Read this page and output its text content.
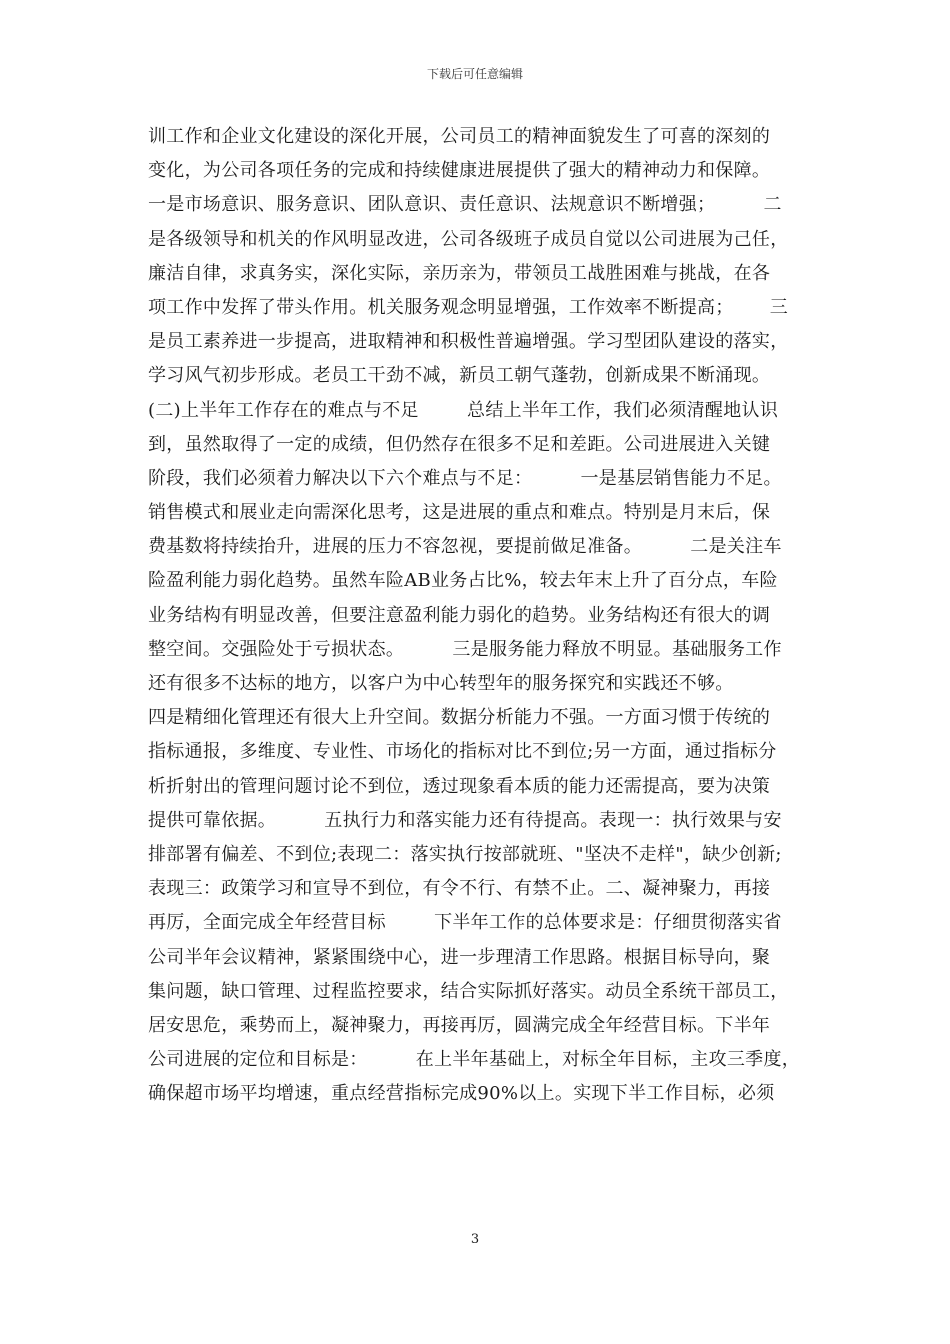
下载后可任意编辑
训工作和企业文化建设的深化开展，公司员工的精神面貌发生了可喜的深刻的
变化，为公司各项任务的完成和持续健康进展提供了强大的精神动力和保障。
一是市场意识、服务意识、团队意识、责任意识、法规意识不断增强；        二
是各级领导和机关的作风明显改进，公司各级班子成员自觉以公司进展为己任，
廉洁自律，求真务实，深化实际，亲历亲为，带领员工战胜困难与挑战，在各
项工作中发挥了带头作用。机关服务观念明显增强，工作效率不断提高；      三
是员工素养进一步提高，进取精神和积极性普遍增强。学习型团队建设的落实，
学习风气初步形成。老员工干劲不减，新员工朝气蓬勃，创新成果不断涌现。
(二)上半年工作存在的难点与不足        总结上半年工作，我们必须清醒地认识
到，虽然取得了一定的成绩，但仍然存在很多不足和差距。公司进展进入关键
阶段，我们必须着力解决以下六个难点与不足：        一是基层销售能力不足。
销售模式和展业走向需深化思考，这是进展的重点和难点。特别是月末后，保
费基数将持续抬升，进展的压力不容忽视，要提前做足准备。        二是关注车
险盈利能力弱化趋势。虽然车险AB业务占比%，较去年末上升了百分点，车险
业务结构有明显改善，但要注意盈利能力弱化的趋势。业务结构还有很大的调
整空间。交强险处于亏损状态。        三是服务能力释放不明显。基础服务工作
还有很多不达标的地方，以客户为中心转型年的服务探究和实践还不够。
四是精细化管理还有很大上升空间。数据分析能力不强。一方面习惯于传统的
指标通报，多维度、专业性、市场化的指标对比不到位;另一方面，通过指标分
析折射出的管理问题讨论不到位，透过现象看本质的能力还需提高，要为决策
提供可靠依据。        五执行力和落实能力还有待提高。表现一：执行效果与安
排部署有偏差、不到位;表现二：落实执行按部就班、"坚决不走样"，缺少创新;
表现三：政策学习和宣导不到位，有令不行、有禁不止。二、凝神聚力，再接
再厉，全面完成全年经营目标        下半年工作的总体要求是：仔细贯彻落实省
公司半年会议精神，紧紧围绕中心，进一步理清工作思路。根据目标导向，聚
集问题，缺口管理、过程监控要求，结合实际抓好落实。动员全系统干部员工，
居安思危，乘势而上，凝神聚力，再接再厉，圆满完成全年经营目标。下半年
公司进展的定位和目标是：        在上半年基础上，对标全年目标，主攻三季度，
确保超市场平均增速，重点经营指标完成90%以上。实现下半工作目标，必须
3
